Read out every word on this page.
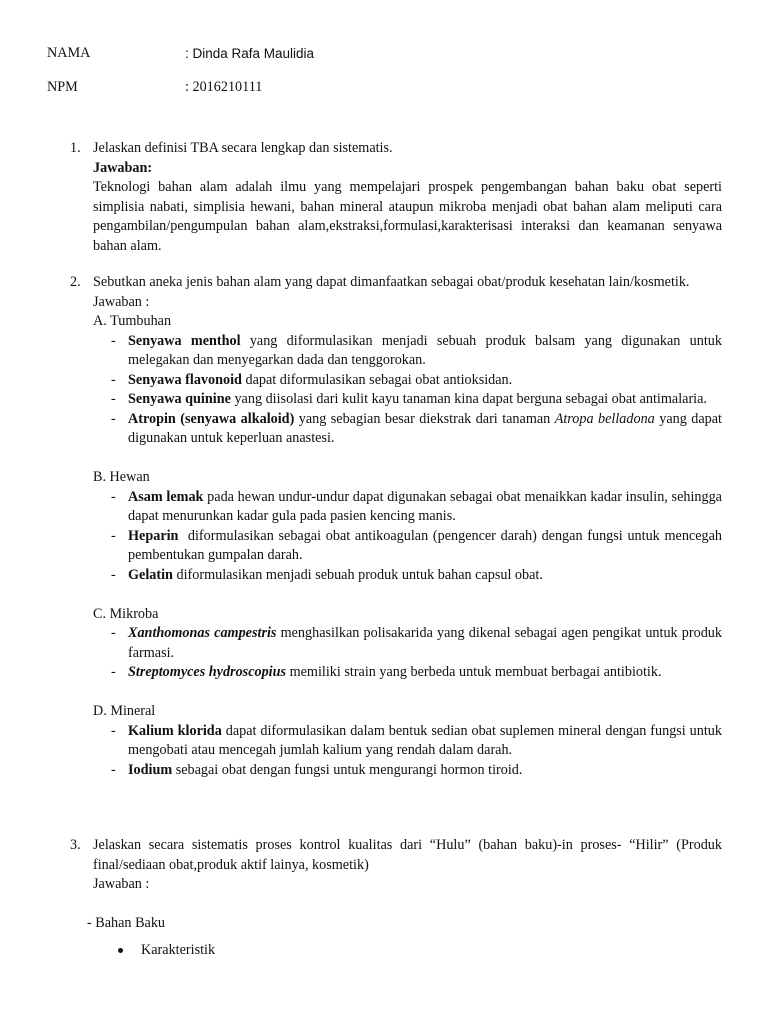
NAMA	: Dinda Rafa Maulidia
NPM	: 2016210111
1. Jelaskan definisi TBA secara lengkap dan sistematis.
Jawaban:
Teknologi bahan alam adalah ilmu yang mempelajari prospek pengembangan bahan baku obat seperti simplisia nabati, simplisia hewani, bahan mineral ataupun mikroba menjadi obat bahan alam meliputi cara pengambilan/pengumpulan bahan alam,ekstraksi,formulasi,karakterisasi interaksi dan keamanan senyawa bahan alam.
2. Sebutkan aneka jenis bahan alam yang dapat dimanfaatkan sebagai obat/produk kesehatan lain/kosmetik.
Jawaban :
A. Tumbuhan
- Senyawa menthol yang diformulasikan menjadi sebuah produk balsam yang digunakan untuk melegakan dan menyegarkan dada dan tenggorokan.
- Senyawa flavonoid dapat diformulasikan sebagai obat antioksidan.
- Senyawa quinine yang diisolasi dari kulit kayu tanaman kina dapat berguna sebagai obat antimalaria.
- Atropin (senyawa alkaloid) yang sebagian besar diekstrak dari tanaman Atropa belladona yang dapat digunakan untuk keperluan anastesi.
B. Hewan
- Asam lemak pada hewan undur-undur dapat digunakan sebagai obat menaikkan kadar insulin, sehingga dapat menurunkan kadar gula pada pasien kencing manis.
- Heparin  diformulasikan sebagai obat antikoagulan (pengencer darah) dengan fungsi untuk mencegah pembentukan gumpalan darah.
- Gelatin diformulasikan menjadi sebuah produk untuk bahan capsul obat.
C. Mikroba
- Xanthomonas campestris menghasilkan polisakarida yang dikenal sebagai agen pengikat untuk produk farmasi.
- Streptomyces hydroscopius memiliki strain yang berbeda untuk membuat berbagai antibiotik.
D. Mineral
- Kalium klorida dapat diformulasikan dalam bentuk sedian obat suplemen mineral dengan fungsi untuk mengobati atau mencegah jumlah kalium yang rendah dalam darah.
- Iodium sebagai obat dengan fungsi untuk mengurangi hormon tiroid.
3. Jelaskan secara sistematis proses kontrol kualitas dari “Hulu” (bahan baku)-in proses- “Hilir” (Produk final/sediaan obat,produk aktif lainya, kosmetik)
Jawaban :
- Bahan Baku
Karakteristik
